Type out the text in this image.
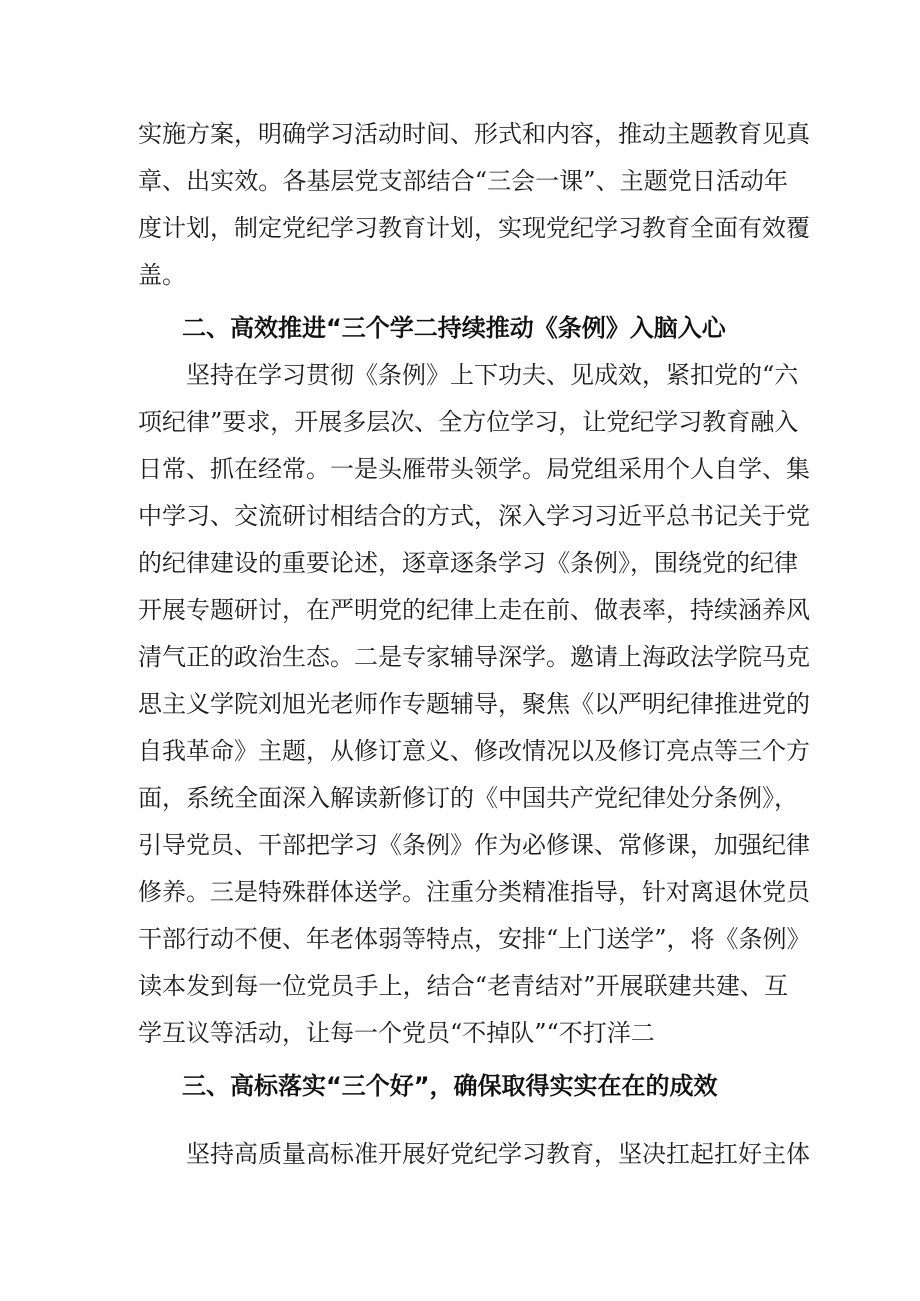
实施方案，明确学习活动时间、形式和内容，推动主题教育见真
章、出实效。各基层党支部结合“三会一课”、主题党日活动年
度计划，制定党纪学习教育计划，实现党纪学习教育全面有效覆
盖。
二、高效推进“三个学二持续推动《条例》入脑入心
坚持在学习贯彻《条例》上下功夫、见成效，紧扣党的“六
项纪律”要求，开展多层次、全方位学习，让党纪学习教育融入
日常、抓在经常。一是头雁带头领学。局党组采用个人自学、集
中学习、交流研讨相结合的方式，深入学习习近平总书记关于党
的纪律建设的重要论述，逐章逐条学习《条例》，围绕党的纪律
开展专题研讨，在严明党的纪律上走在前、做表率，持续涵养风
清气正的政治生态。二是专家辅导深学。邀请上海政法学院马克
思主义学院刘旭光老师作专题辅导，聚焦《以严明纪律推进党的
自我革命》主题，从修订意义、修改情况以及修订亮点等三个方
面，系统全面深入解读新修订的《中国共产党纪律处分条例》，
引导党员、干部把学习《条例》作为必修课、常修课，加强纪律
修养。三是特殊群体送学。注重分类精准指导，针对离退休党员
干部行动不便、年老体弱等特点，安排“上门送学”，将《条例》
读本发到每一位党员手上，结合“老青结对”开展联建共建、互
学互议等活动，让每一个党员“不掉队”“不打洋二
三、高标落实“三个好”，确保取得实实在在的成效
坚持高质量高标准开展好党纪学习教育，坚决扛起扛好主体
